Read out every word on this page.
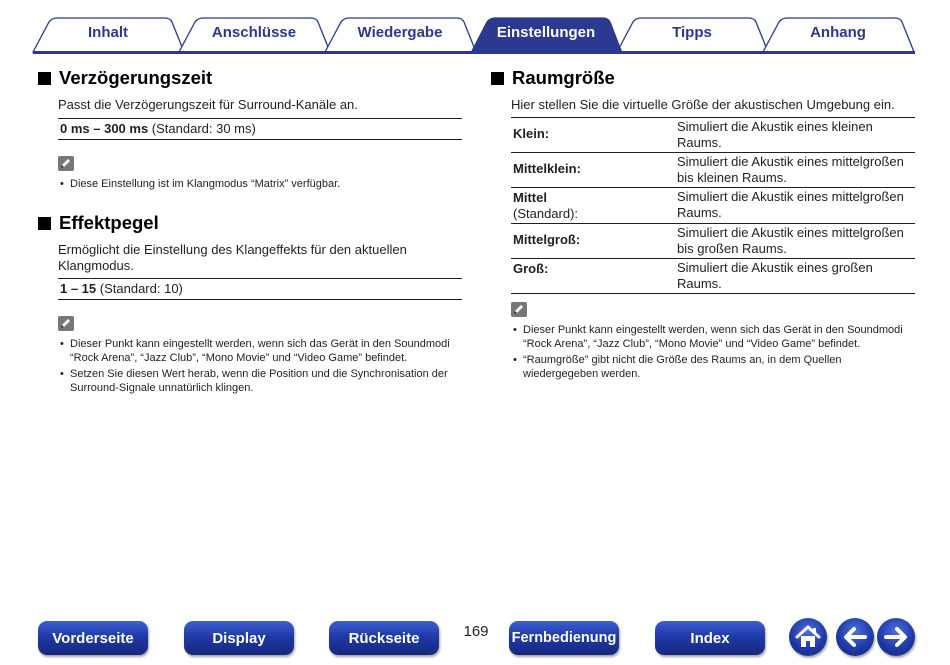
Inhalt	Anschlüsse	Wiedergabe	Einstellungen	Tipps	Anhang
Verzögerungszeit
Passt die Verzögerungszeit für Surround-Kanäle an.
0 ms – 300 ms (Standard: 30 ms)
• Diese Einstellung ist im Klangmodus “Matrix” verfügbar.
Effektpegel
Ermöglicht die Einstellung des Klangeffekts für den aktuellen
Klangmodus.
1 – 15 (Standard: 10)
• Dieser Punkt kann eingestellt werden, wenn sich das Gerät in den Soundmodi
“Rock Arena”, “Jazz Club”, “Mono Movie” und “Video Game” befindet.
• Setzen Sie diesen Wert herab, wenn die Position und die Synchronisation der
Surround-Signale unnatürlich klingen.
Raumgröße
Hier stellen Sie die virtuelle Größe der akustischen Umgebung ein.
Klein:	Simuliert die Akustik eines kleinen
Raums.
Mittelklein:	Simuliert die Akustik eines mittelgroßen
bis kleinen Raums.
Mittel
(Standard):	Simuliert die Akustik eines mittelgroßen
Raums.
Mittelgroß:	Simuliert die Akustik eines mittelgroßen
bis großen Raums.
Groß:	Simuliert die Akustik eines großen Raums.
• Dieser Punkt kann eingestellt werden, wenn sich das Gerät in den Soundmodi
“Rock Arena”, “Jazz Club”, “Mono Movie” und “Video Game” befindet.
• “Raumgröße” gibt nicht die Größe des Raums an, in dem Quellen
wiedergegeben werden.
Vorderseite	Display	Rückseite	169	Fernbedienung	Index
